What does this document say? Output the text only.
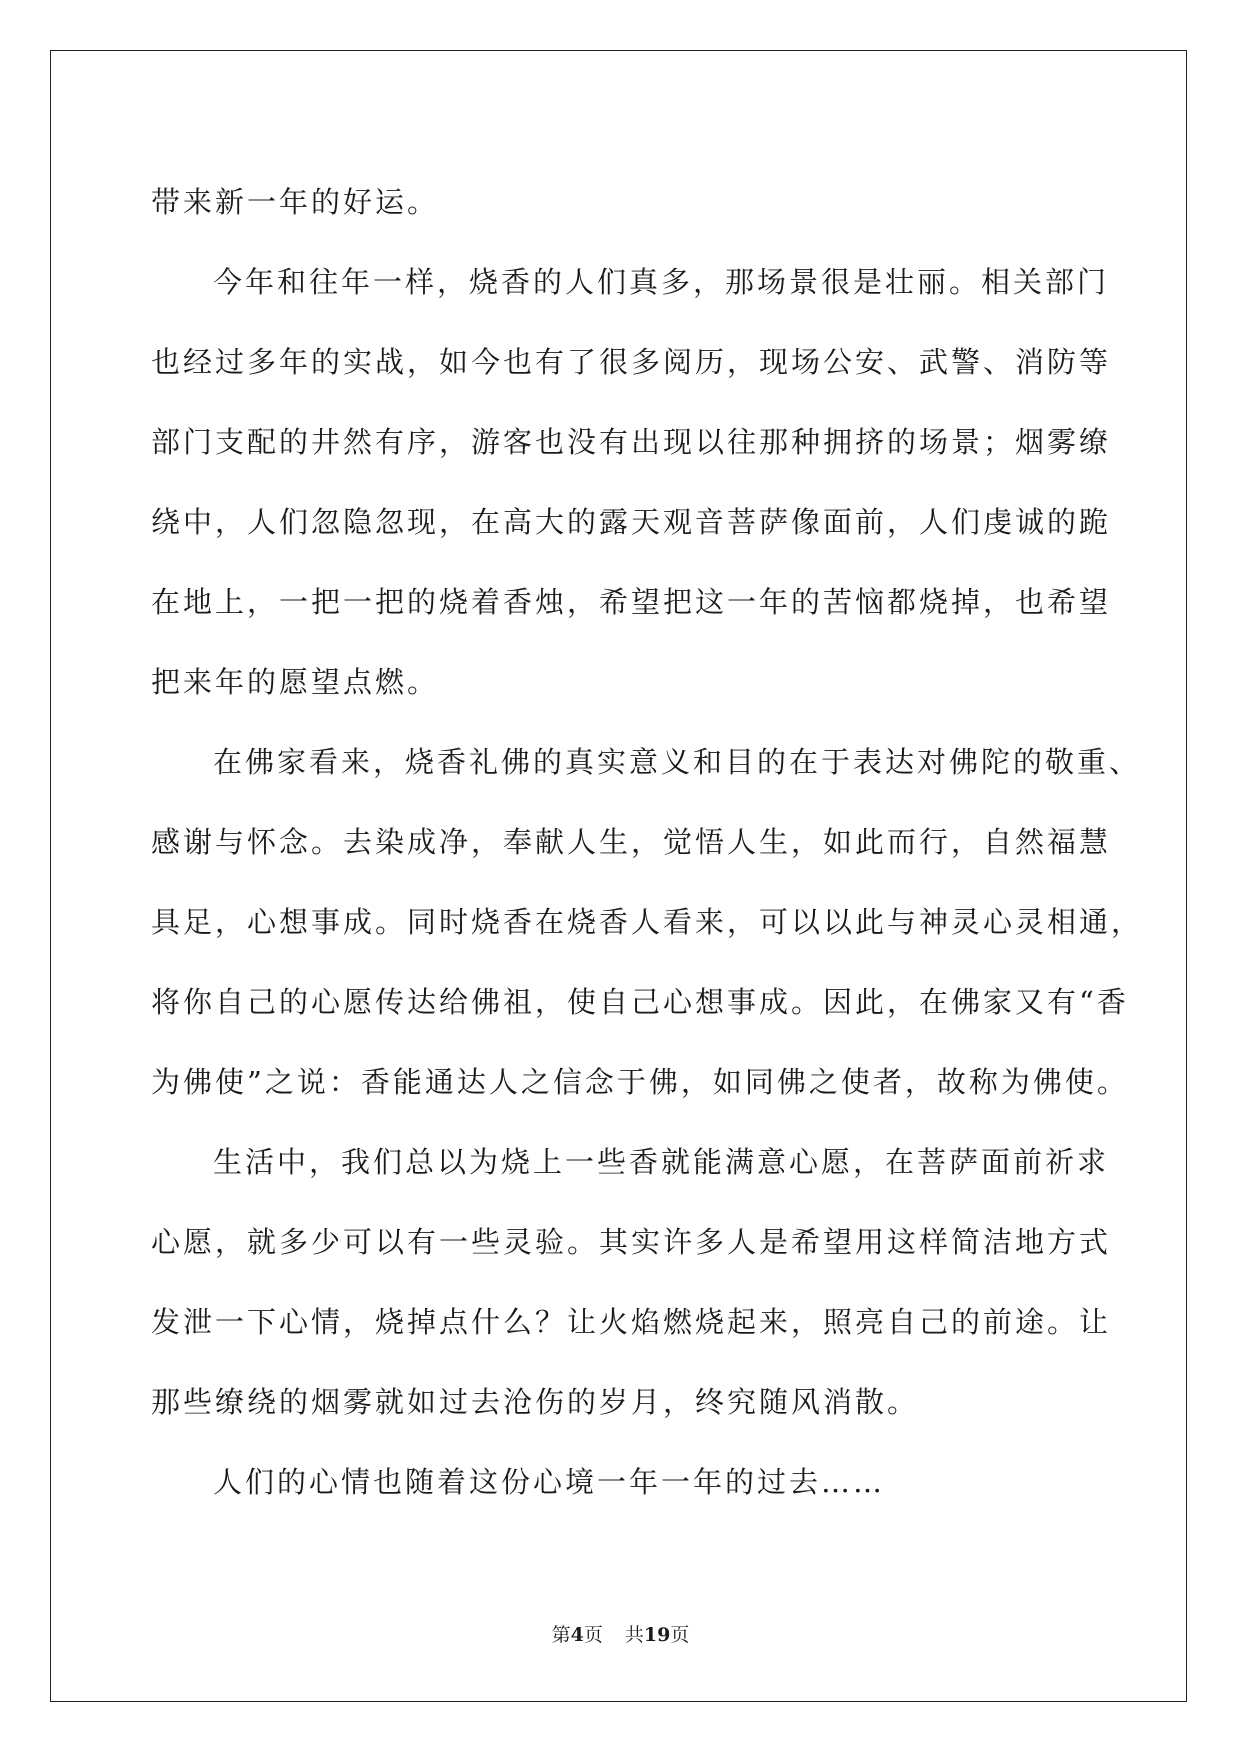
带来新一年的好运。

今年和往年一样，烧香的人们真多，那场景很是壮丽。相关部门

也经过多年的实战，如今也有了很多阅历，现场公安、武警、消防等

部门支配的井然有序，游客也没有出现以往那种拥挤的场景；烟雾缭

绕中，人们忽隐忽现，在高大的露天观音菩萨像面前，人们虔诚的跪

在地上，一把一把的烧着香烛，希望把这一年的苦恼都烧掉，也希望

把来年的愿望点燃。

在佛家看来，烧香礼佛的真实意义和目的在于表达对佛陀的敬重、

感谢与怀念。去染成净，奉献人生，觉悟人生，如此而行，自然福慧

具足，心想事成。同时烧香在烧香人看来，可以以此与神灵心灵相通，

将你自己的心愿传达给佛祖，使自己心想事成。因此，在佛家又有“香

为佛使”之说：香能通达人之信念于佛，如同佛之使者，故称为佛使。

生活中，我们总以为烧上一些香就能满意心愿，在菩萨面前祈求

心愿，就多少可以有一些灵验。其实许多人是希望用这样简洁地方式

发泄一下心情，烧掉点什么？让火焰燃烧起来，照亮自己的前途。让

那些缭绕的烟雾就如过去沧伤的岁月，终究随风消散。

人们的心情也随着这份心境一年一年的过去……

第4页 共19页
